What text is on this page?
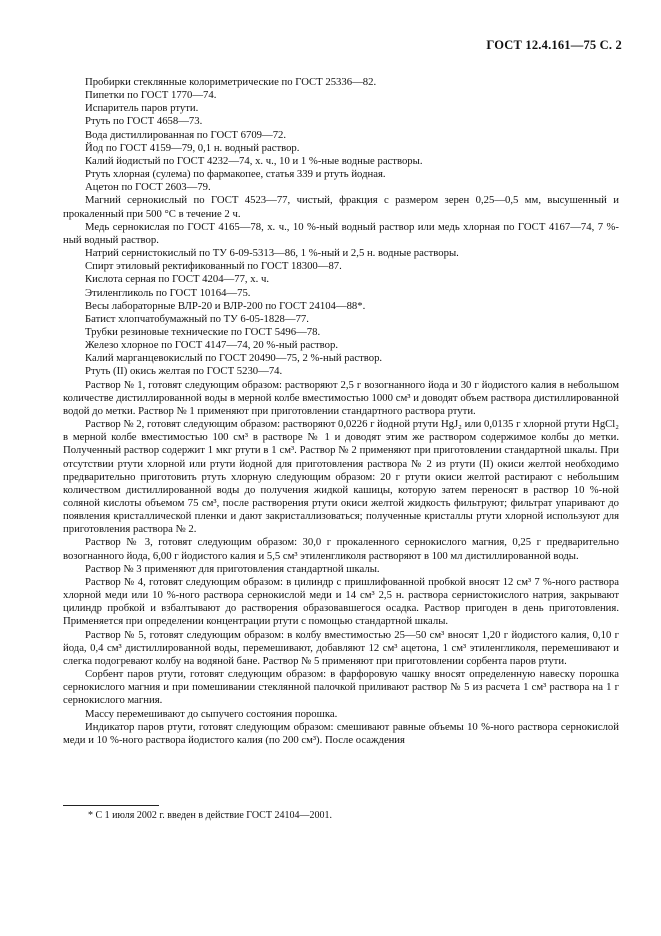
ГОСТ 12.4.161—75 С. 2
Пробирки стеклянные колориметрические по ГОСТ 25336—82.
Пипетки по ГОСТ 1770—74.
Испаритель паров ртути.
Ртуть по ГОСТ 4658—73.
Вода дистиллированная по ГОСТ 6709—72.
Йод по ГОСТ 4159—79, 0,1 н. водный раствор.
Калий йодистый по ГОСТ 4232—74, х. ч., 10 и 1 %-ные водные растворы.
Ртуть хлорная (сулема) по фармакопее, статья 339 и ртуть йодная.
Ацетон по ГОСТ 2603—79.

Магний сернокислый по ГОСТ 4523—77, чистый, фракция с размером зерен 0,25—0,5 мм, высушенный и прокаленный при 500 °С в течение 2 ч.

Медь сернокислая по ГОСТ 4165—78, х. ч., 10 %-ный водный раствор или медь хлорная по ГОСТ 4167—74, 7 %-ный водный раствор.

Натрий сернистокислый по ТУ 6-09-5313—86, 1 %-ный и 2,5 н. водные растворы.
Спирт этиловый ректификованный по ГОСТ 18300—87.
Кислота серная по ГОСТ 4204—77, х. ч.
Этиленгликоль по ГОСТ 10164—75.
Весы лабораторные ВЛР-20 и ВЛР-200 по ГОСТ 24104—88*.
Батист хлопчатобумажный по ТУ 6-05-1828—77.
Трубки резиновые технические по ГОСТ 5496—78.
Железо хлорное по ГОСТ 4147—74, 20 %-ный раствор.
Калий марганцевокислый по ГОСТ 20490—75, 2 %-ный раствор.
Ртуть (II) окись желтая по ГОСТ 5230—74.

Раствор № 1, готовят следующим образом: растворяют 2,5 г возогнанного йода и 30 г йодистого калия в небольшом количестве дистиллированной воды в мерной колбе вместимостью 1000 см³ и доводят объем раствора дистиллированной водой до метки. Раствор № 1 применяют при приготовлении стандартного раствора ртути.

Раствор № 2, готовят следующим образом: растворяют 0,0226 г йодной ртути HgJ₂ или 0,0135 г хлорной ртути HgCl₂ в мерной колбе вместимостью 100 см³ в растворе № 1 и доводят этим же раствором содержимое колбы до метки. Полученный раствор содержит 1 мкг ртути в 1 см³. Раствор № 2 применяют при приготовлении стандартной шкалы. При отсутствии ртути хлорной или ртути йодной для приготовления раствора № 2 из ртути (II) окиси желтой необходимо предварительно приготовить ртуть хлорную следующим образом: 20 г ртути окиси желтой растирают с небольшим количеством дистиллированной воды до получения жидкой кашицы, которую затем переносят в раствор 10 %-ной соляной кислоты объемом 75 см³, после растворения ртути окиси желтой жидкость фильтруют; фильтрат упаривают до появления кристаллической пленки и дают закристаллизоваться; полученные кристаллы ртути хлорной используют для приготовления раствора № 2.

Раствор № 3, готовят следующим образом: 30,0 г прокаленного сернокислого магния, 0,25 г предварительно возогнанного йода, 6,00 г йодистого калия и 5,5 см³ этиленгликоля растворяют в 100 мл дистиллированной воды.

Раствор № 3 применяют для приготовления стандартной шкалы.

Раствор № 4, готовят следующим образом: в цилиндр с пришлифованной пробкой вносят 12 см³ 7 %-ного раствора хлорной меди или 10 %-ного раствора сернокислой меди и 14 см³ 2,5 н. раствора сернистокислого натрия, закрывают цилиндр пробкой и взбалтывают до растворения образовавшегося осадка. Раствор пригоден в день приготовления. Применяется при определении концентрации ртути с помощью стандартной шкалы.

Раствор № 5, готовят следующим образом: в колбу вместимостью 25—50 см³ вносят 1,20 г йодистого калия, 0,10 г йода, 0,4 см³ дистиллированной воды, перемешивают, добавляют 12 см³ ацетона, 1 см³ этиленгликоля, перемешивают и слегка подогревают колбу на водяной бане. Раствор № 5 применяют при приготовлении сорбента паров ртути.

Сорбент паров ртути, готовят следующим образом: в фарфоровую чашку вносят определенную навеску порошка сернокислого магния и при помешивании стеклянной палочкой приливают раствор № 5 из расчета 1 см³ раствора на 1 г сернокислого магния.

Массу перемешивают до сыпучего состояния порошка.

Индикатор паров ртути, готовят следующим образом: смешивают равные объемы 10 %-ного раствора сернокислой меди и 10 %-ного раствора йодистого калия (по 200 см³). После осаждения

* С 1 июля 2002 г. введен в действие ГОСТ 24104—2001.
